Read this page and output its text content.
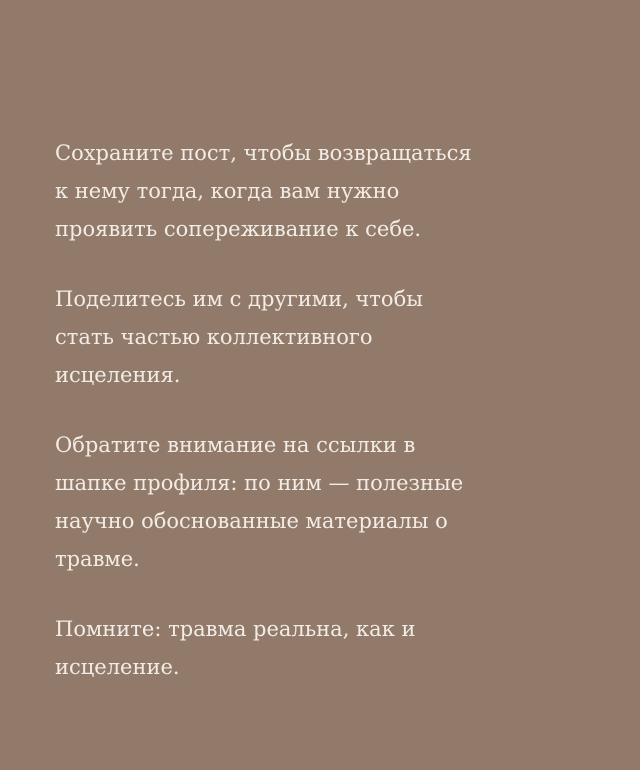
Сохраните пост, чтобы возвращаться
к нему тогда, когда вам нужно
проявить сопереживание к себе.

Поделитесь им с другими, чтобы
стать частью коллективного
исцеления.

Обратите внимание на ссылки в
шапке профиля: по ним — полезные
научно обоснованные материалы о
травме.

Помните: травма реальна, как и
исцеление.
